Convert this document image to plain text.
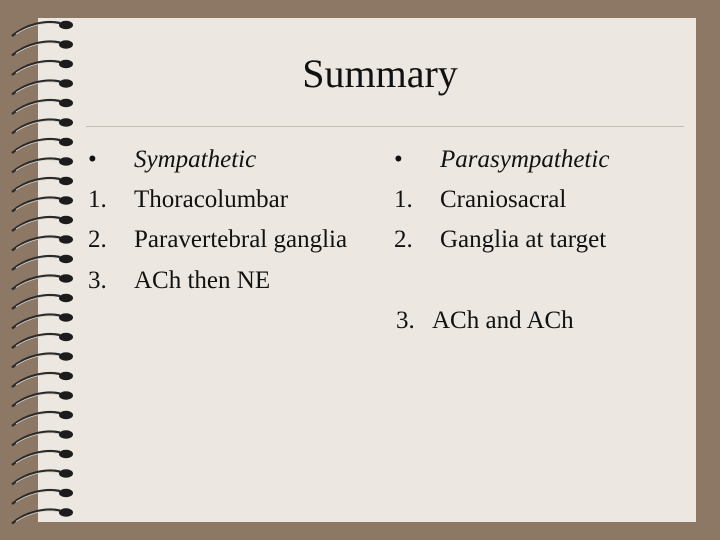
Summary
• Sympathetic
1. Thoracolumbar
2. Paravertebral ganglia
3. ACh then NE
• Parasympathetic
1. Craniosacral
2. Ganglia at target
3. ACh and ACh
